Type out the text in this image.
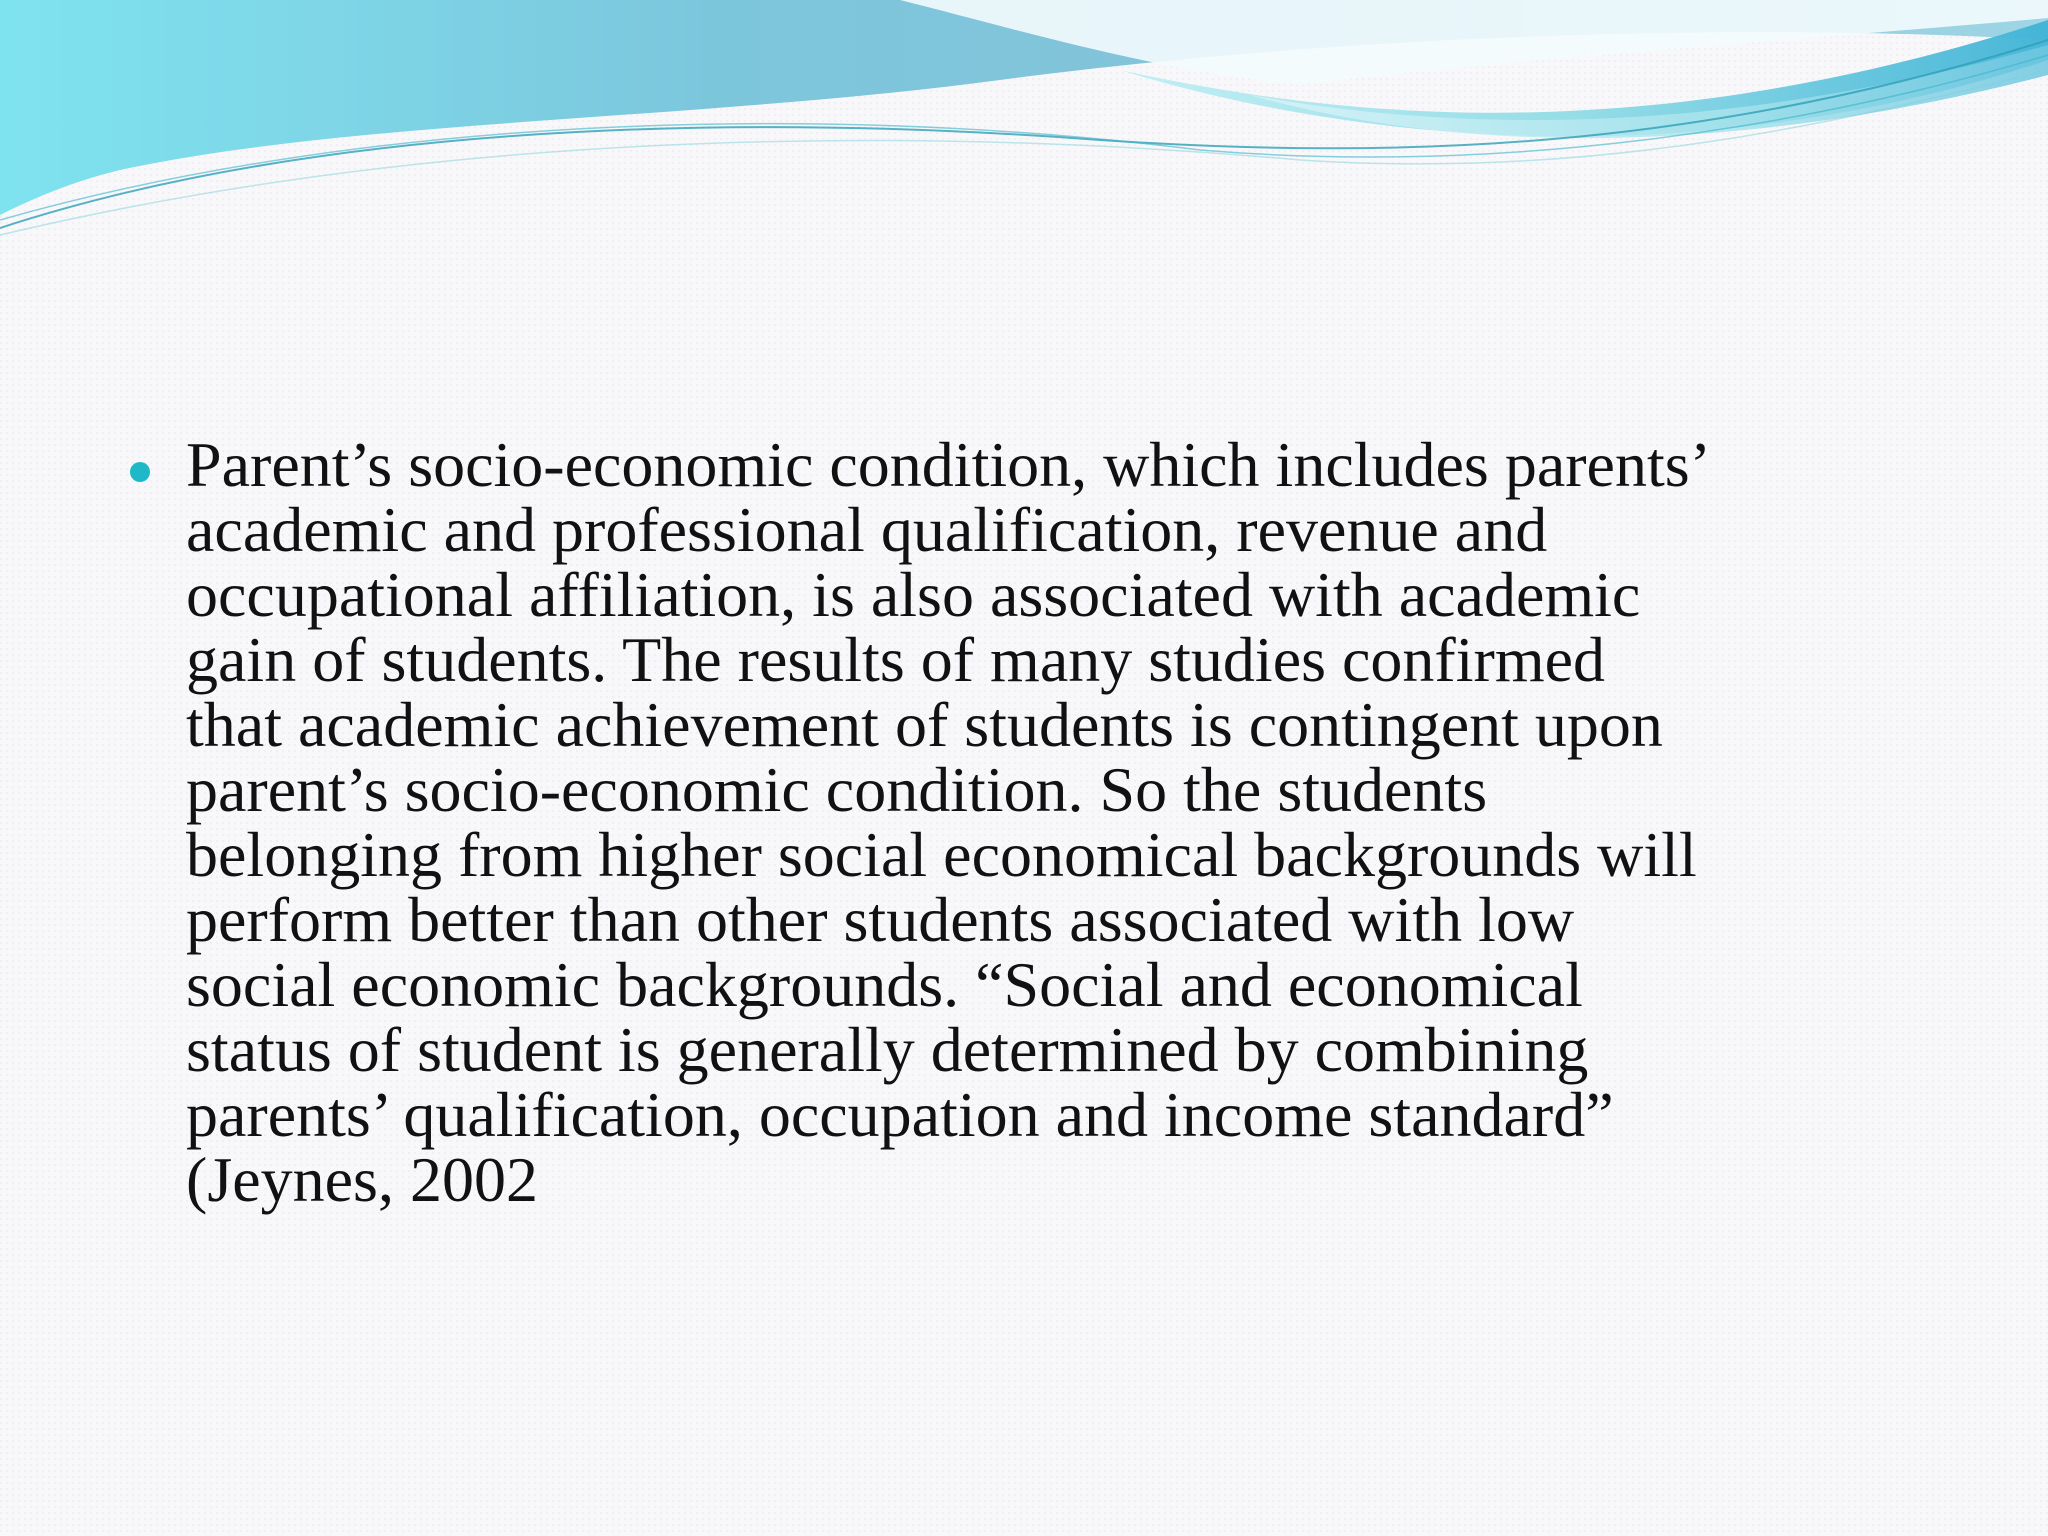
Parent’s socio-economic condition, which includes parents’
academic and professional qualification, revenue and
occupational affiliation, is also associated with academic
gain of students. The results of many studies confirmed
that academic achievement of students is contingent upon
parent’s socio-economic condition. So the students
belonging from higher social economical backgrounds will
perform better than other students associated with low
social economic backgrounds. “Social and economical
status of student is generally determined by combining
parents’ qualification, occupation and income standard”
(Jeynes, 2002
